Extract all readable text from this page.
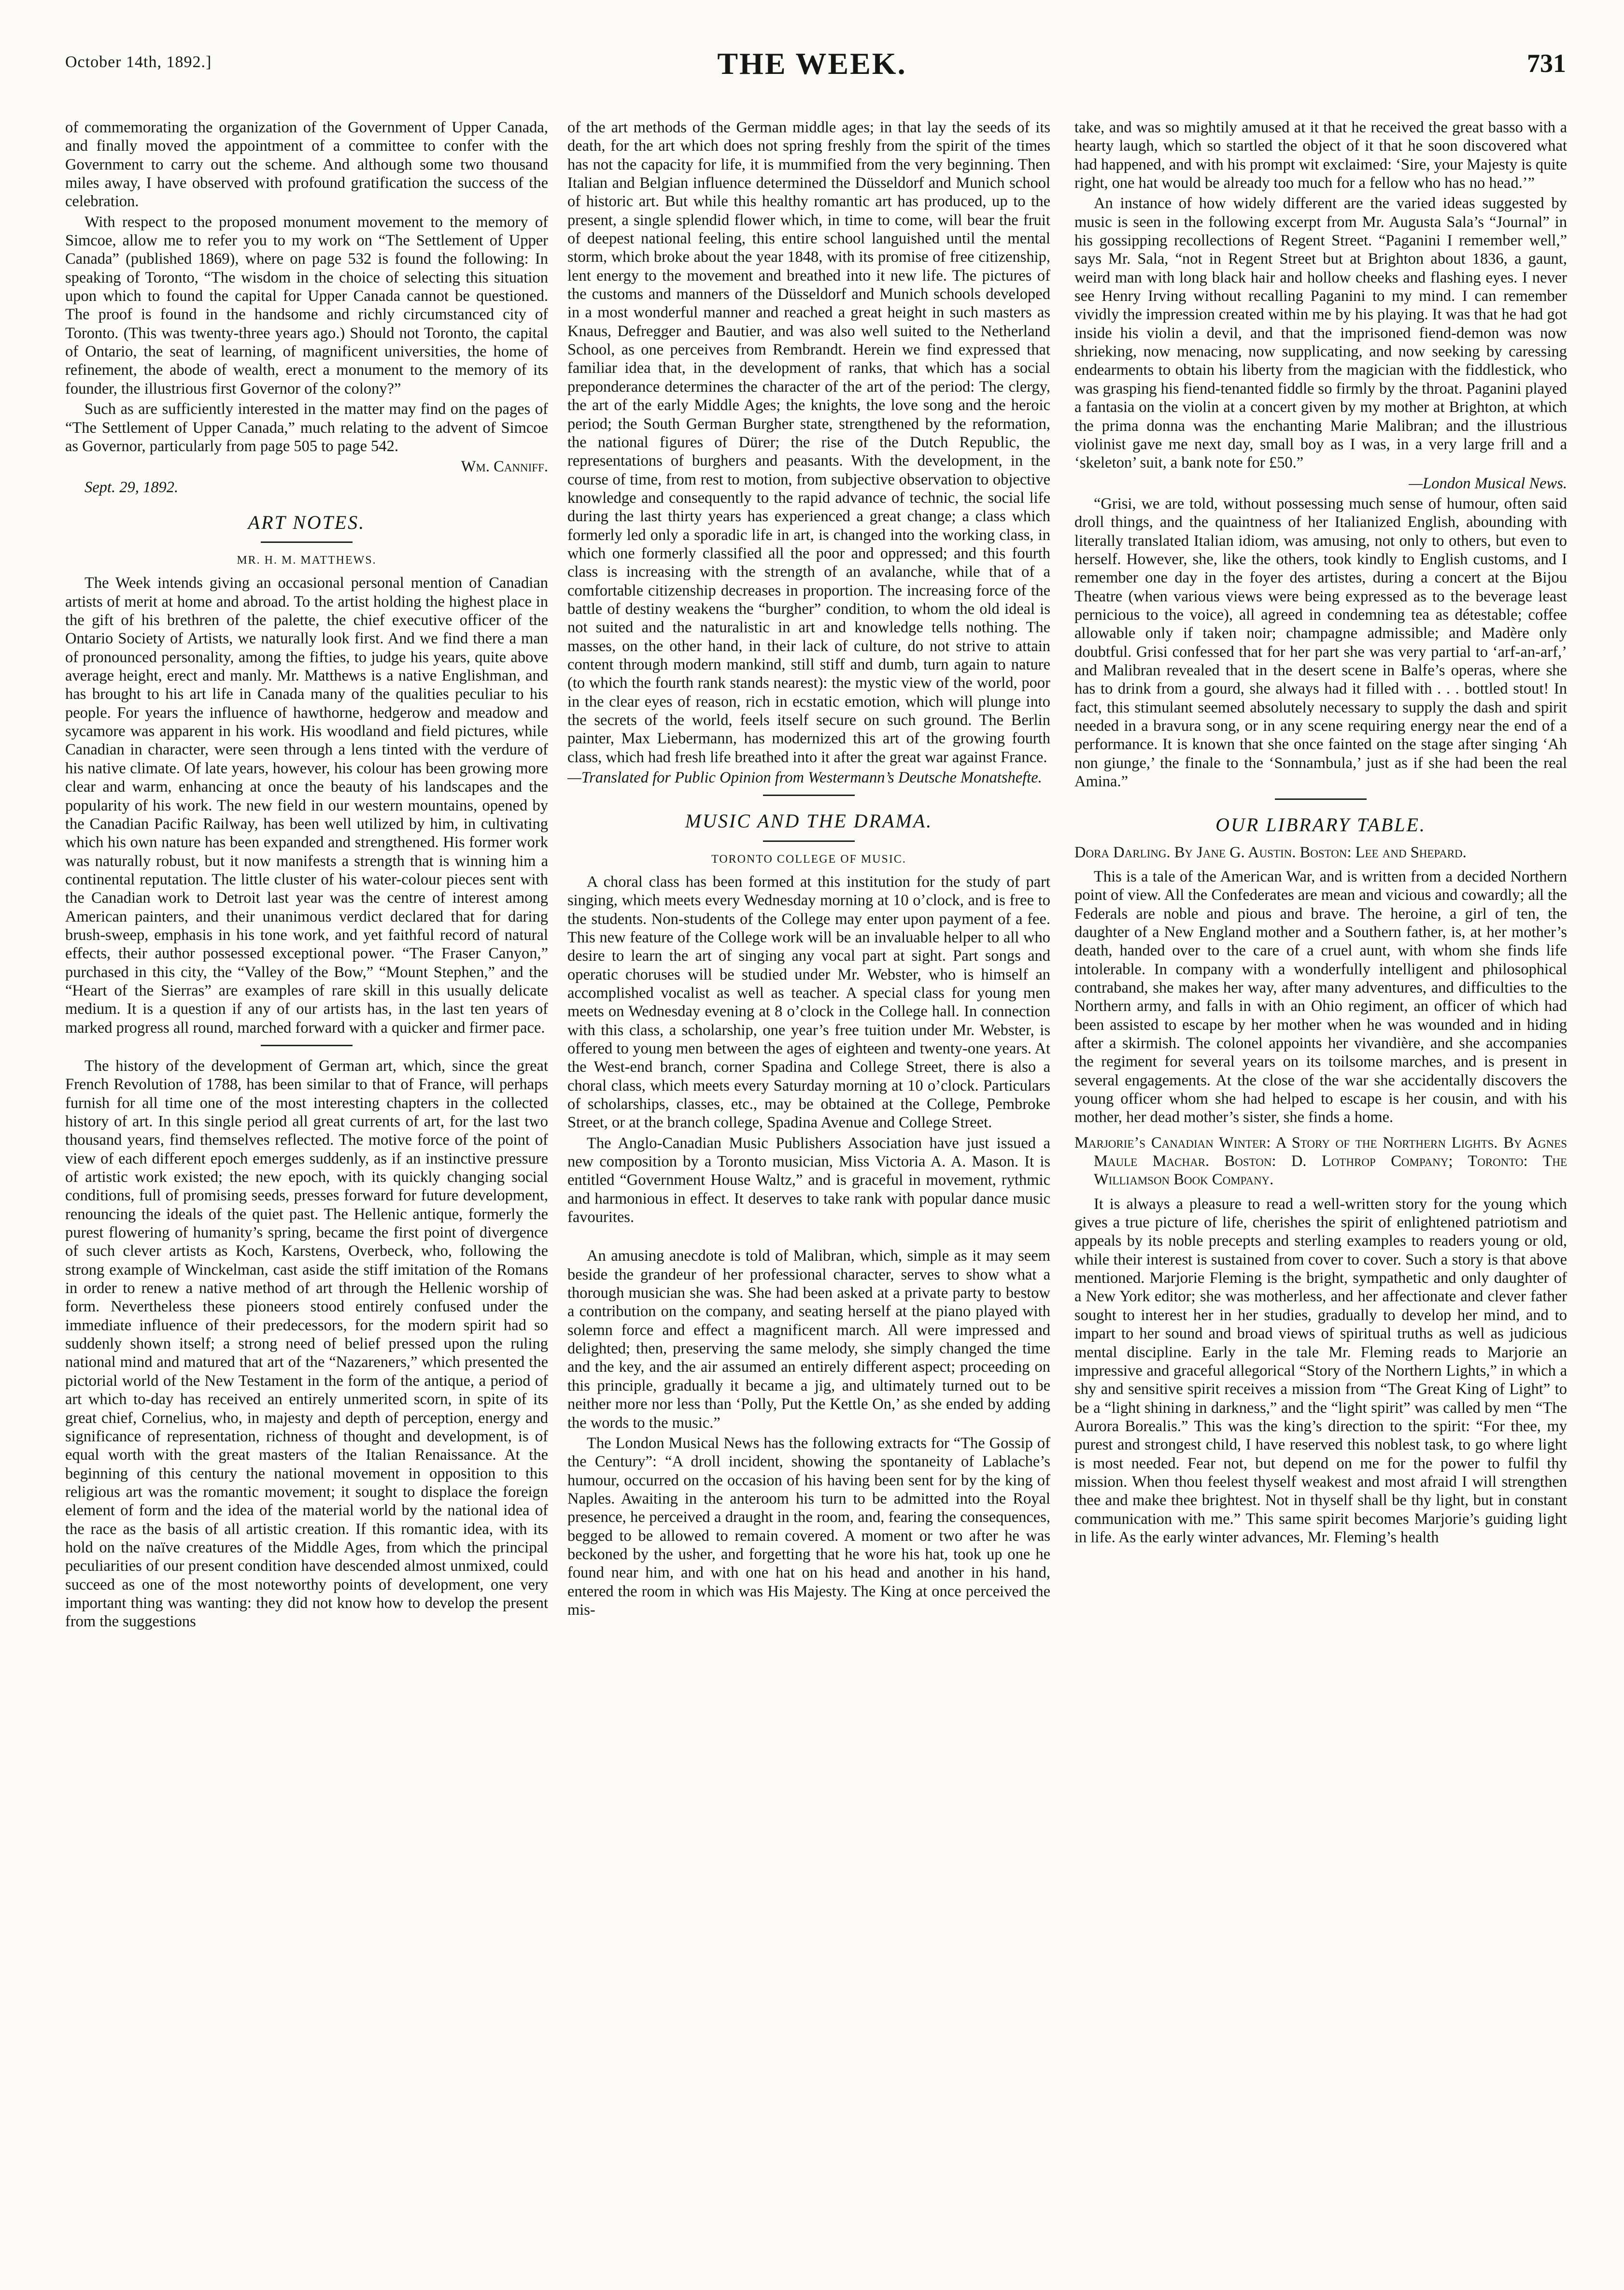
October 14th, 1892.]	THE WEEK.	731

of commemorating the organization of the Government of Upper Canada, and finally moved the appointment of a committee to confer with the Government to carry out the scheme. And although some two thousand miles away, I have observed with profound gratification the success of the celebration.

With respect to the proposed monument movement to the memory of Simcoe, allow me to refer you to my work on “The Settlement of Upper Canada” (published 1869), where on page 532 is found the following: In speaking of Toronto, “The wisdom in the choice of selecting this situation upon which to found the capital for Upper Canada cannot be questioned. The proof is found in the handsome and richly circumstanced city of Toronto. (This was twenty-three years ago.) Should not Toronto, the capital of Ontario, the seat of learning, of magnificent universities, the home of refinement, the abode of wealth, erect a monument to the memory of its founder, the illustrious first Governor of the colony?”

Such as are sufficiently interested in the matter may find on the pages of “The Settlement of Upper Canada,” much relating to the advent of Simcoe as Governor, particularly from page 505 to page 542.

Wm. Canniff.

Sept. 29, 1892.

ART NOTES.
MR. H. M. MATTHEWS.

The Week intends giving an occasional personal mention of Canadian artists of merit at home and abroad. To the artist holding the highest place in the gift of his brethren of the palette, the chief executive officer of the Ontario Society of Artists, we naturally look first. And we find there a man of pronounced personality, among the fifties, to judge his years, quite above average height, erect and manly. Mr. Matthews is a native Englishman, and has brought to his art life in Canada many of the qualities peculiar to his people. For years the influence of hawthorne, hedgerow and meadow and sycamore was apparent in his work. His woodland and field pictures, while Canadian in character, were seen through a lens tinted with the verdure of his native climate. Of late years, however, his colour has been growing more clear and warm, enhancing at once the beauty of his landscapes and the popularity of his work. The new field in our western mountains, opened by the Canadian Pacific Railway, has been well utilized by him, in cultivating which his own nature has been expanded and strengthened. His former work was naturally robust, but it now manifests a strength that is winning him a continental reputation. The little cluster of his water-colour pieces sent with the Canadian work to Detroit last year was the centre of interest among American painters, and their unanimous verdict declared that for daring brush-sweep, emphasis in his tone work, and yet faithful record of natural effects, their author possessed exceptional power. “The Fraser Canyon,” purchased in this city, the “Valley of the Bow,” “Mount Stephen,” and the “Heart of the Sierras” are examples of rare skill in this usually delicate medium. It is a question if any of our artists has, in the last ten years of marked progress all round, marched forward with a quicker and firmer pace.

The history of the development of German art, which, since the great French Revolution of 1788, has been similar to that of France, will perhaps furnish for all time one of the most interesting chapters in the collected history of art. In this single period all great currents of art, for the last two thousand years, find themselves reflected. The motive force of the point of view of each different epoch emerges suddenly, as if an instinctive pressure of artistic work existed; the new epoch, with its quickly changing social conditions, full of promising seeds, presses forward for future development, renouncing the ideals of the quiet past. The Hellenic antique, formerly the purest flowering of humanity’s spring, became the first point of divergence of such clever artists as Koch, Karstens, Overbeck, who, following the strong example of Winckelman, cast aside the stiff imitation of the Romans in order to renew a native method of art through the Hellenic worship of form. Nevertheless these pioneers stood entirely confused under the immediate influence of their predecessors, for the modern spirit had so suddenly shown itself; a strong need of belief pressed upon the ruling national mind and matured that art of the “Nazareners,” which presented the pictorial world of the New Testament in the form of the antique, a period of art which to-day has received an entirely unmerited scorn, in spite of its great chief, Cornelius, who, in majesty and depth of perception, energy and significance of representation, richness of thought and development, is of equal worth with the great masters of the Italian Renaissance. At the beginning of this century the national movement in opposition to this religious art was the romantic movement; it sought to displace the foreign element of form and the idea of the material world by the national idea of the race as the basis of all artistic creation. If this romantic idea, with its hold on the naïve creatures of the Middle Ages, from which the principal peculiarities of our present condition have descended almost unmixed, could succeed as one of the most noteworthy points of development, one very important thing was wanting: they did not know how to develop the present from the suggestions

of the art methods of the German middle ages; in that lay the seeds of its death, for the art which does not spring freshly from the spirit of the times has not the capacity for life, it is mummified from the very beginning. Then Italian and Belgian influence determined the Düsseldorf and Munich school of historic art. But while this healthy romantic art has produced, up to the present, a single splendid flower which, in time to come, will bear the fruit of deepest national feeling, this entire school languished until the mental storm, which broke about the year 1848, with its promise of free citizenship, lent energy to the movement and breathed into it new life. The pictures of the customs and manners of the Düsseldorf and Munich schools developed in a most wonderful manner and reached a great height in such masters as Knaus, Defregger and Bautier, and was also well suited to the Netherland School, as one perceives from Rembrandt. Herein we find expressed that familiar idea that, in the development of ranks, that which has a social preponderance determines the character of the art of the period: The clergy, the art of the early Middle Ages; the knights, the love song and the heroic period; the South German Burgher state, strengthened by the reformation, the national figures of Dürer; the rise of the Dutch Republic, the representations of burghers and peasants. With the development, in the course of time, from rest to motion, from subjective observation to objective knowledge and consequently to the rapid advance of technic, the social life during the last thirty years has experienced a great change; a class which formerly led only a sporadic life in art, is changed into the working class, in which one formerly classified all the poor and oppressed; and this fourth class is increasing with the strength of an avalanche, while that of a comfortable citizenship decreases in proportion. The increasing force of the battle of destiny weakens the “burgher” condition, to whom the old ideal is not suited and the naturalistic in art and knowledge tells nothing. The masses, on the other hand, in their lack of culture, do not strive to attain content through modern mankind, still stiff and dumb, turn again to nature (to which the fourth rank stands nearest): the mystic view of the world, poor in the clear eyes of reason, rich in ecstatic emotion, which will plunge into the secrets of the world, feels itself secure on such ground. The Berlin painter, Max Liebermann, has modernized this art of the growing fourth class, which had fresh life breathed into it after the great war against France.

—Translated for Public Opinion from Westermann’s Deutsche Monatshefte.

MUSIC AND THE DRAMA.
TORONTO COLLEGE OF MUSIC.

A choral class has been formed at this institution for the study of part singing, which meets every Wednesday morning at 10 o’clock, and is free to the students. Non-students of the College may enter upon payment of a fee. This new feature of the College work will be an invaluable helper to all who desire to learn the art of singing any vocal part at sight. Part songs and operatic choruses will be studied under Mr. Webster, who is himself an accomplished vocalist as well as teacher. A special class for young men meets on Wednesday evening at 8 o’clock in the College hall. In connection with this class, a scholarship, one year’s free tuition under Mr. Webster, is offered to young men between the ages of eighteen and twenty-one years. At the West-end branch, corner Spadina and College Street, there is also a choral class, which meets every Saturday morning at 10 o’clock. Particulars of scholarships, classes, etc., may be obtained at the College, Pembroke Street, or at the branch college, Spadina Avenue and College Street.

The Anglo-Canadian Music Publishers Association have just issued a new composition by a Toronto musician, Miss Victoria A. A. Mason. It is entitled “Government House Waltz,” and is graceful in movement, rythmic and harmonious in effect. It deserves to take rank with popular dance music favourites.

An amusing anecdote is told of Malibran, which, simple as it may seem beside the grandeur of her professional character, serves to show what a thorough musician she was. She had been asked at a private party to bestow a contribution on the company, and seating herself at the piano played with solemn force and effect a magnificent march. All were impressed and delighted; then, preserving the same melody, she simply changed the time and the key, and the air assumed an entirely different aspect; proceeding on this principle, gradually it became a jig, and ultimately turned out to be neither more nor less than ‘Polly, Put the Kettle On,’ as she ended by adding the words to the music.”

The London Musical News has the following extracts for “The Gossip of the Century”: “A droll incident, showing the spontaneity of Lablache’s humour, occurred on the occasion of his having been sent for by the king of Naples. Awaiting in the anteroom his turn to be admitted into the Royal presence, he perceived a draught in the room, and, fearing the consequences, begged to be allowed to remain covered. A moment or two after he was beckoned by the usher, and forgetting that he wore his hat, took up one he found near him, and with one hat on his head and another in his hand, entered the room in which was His Majesty. The King at once perceived the mis-

take, and was so mightily amused at it that he received the great basso with a hearty laugh, which so startled the object of it that he soon discovered what had happened, and with his prompt wit exclaimed: ‘Sire, your Majesty is quite right, one hat would be already too much for a fellow who has no head.’”

An instance of how widely different are the varied ideas suggested by music is seen in the following excerpt from Mr. Augusta Sala’s “Journal” in his gossipping recollections of Regent Street. “Paganini I remember well,” says Mr. Sala, “not in Regent Street but at Brighton about 1836, a gaunt, weird man with long black hair and hollow cheeks and flashing eyes. I never see Henry Irving without recalling Paganini to my mind. I can remember vividly the impression created within me by his playing. It was that he had got inside his violin a devil, and that the imprisoned fiend-demon was now shrieking, now menacing, now supplicating, and now seeking by caressing endearments to obtain his liberty from the magician with the fiddlestick, who was grasping his fiend-tenanted fiddle so firmly by the throat. Paganini played a fantasia on the violin at a concert given by my mother at Brighton, at which the prima donna was the enchanting Marie Malibran; and the illustrious violinist gave me next day, small boy as I was, in a very large frill and a ‘skeleton’ suit, a bank note for £50.”

—London Musical News.

“Grisi, we are told, without possessing much sense of humour, often said droll things, and the quaintness of her Italianized English, abounding with literally translated Italian idiom, was amusing, not only to others, but even to herself. However, she, like the others, took kindly to English customs, and I remember one day in the foyer des artistes, during a concert at the Bijou Theatre (when various views were being expressed as to the beverage least pernicious to the voice), all agreed in condemning tea as détestable; coffee allowable only if taken noir; champagne admissible; and Madère only doubtful. Grisi confessed that for her part she was very partial to ‘arf-an-arf,’ and Malibran revealed that in the desert scene in Balfe’s operas, where she has to drink from a gourd, she always had it filled with . . . bottled stout! In fact, this stimulant seemed absolutely necessary to supply the dash and spirit needed in a bravura song, or in any scene requiring energy near the end of a performance. It is known that she once fainted on the stage after singing ‘Ah non giunge,’ the finale to the ‘Sonnambula,’ just as if she had been the real Amina.”

OUR LIBRARY TABLE.

Dora Darling. By Jane G. Austin. Boston: Lee and Shepard.

This is a tale of the American War, and is written from a decided Northern point of view. All the Confederates are mean and vicious and cowardly; all the Federals are noble and pious and brave. The heroine, a girl of ten, the daughter of a New England mother and a Southern father, is, at her mother’s death, handed over to the care of a cruel aunt, with whom she finds life intolerable. In company with a wonderfully intelligent and philosophical contraband, she makes her way, after many adventures, and difficulties to the Northern army, and falls in with an Ohio regiment, an officer of which had been assisted to escape by her mother when he was wounded and in hiding after a skirmish. The colonel appoints her vivandière, and she accompanies the regiment for several years on its toilsome marches, and is present in several engagements. At the close of the war she accidentally discovers the young officer whom she had helped to escape is her cousin, and with his mother, her dead mother’s sister, she finds a home.

Marjorie’s Canadian Winter: A Story of the Northern Lights. By Agnes Maule Machar. Boston: D. Lothrop Company; Toronto: The Williamson Book Company.

It is always a pleasure to read a well-written story for the young which gives a true picture of life, cherishes the spirit of enlightened patriotism and appeals by its noble precepts and sterling examples to readers young or old, while their interest is sustained from cover to cover. Such a story is that above mentioned. Marjorie Fleming is the bright, sympathetic and only daughter of a New York editor; she was motherless, and her affectionate and clever father sought to interest her in her studies, gradually to develop her mind, and to impart to her sound and broad views of spiritual truths as well as judicious mental discipline. Early in the tale Mr. Fleming reads to Marjorie an impressive and graceful allegorical “Story of the Northern Lights,” in which a shy and sensitive spirit receives a mission from “The Great King of Light” to be a “light shining in darkness,” and the “light spirit” was called by men “The Aurora Borealis.” This was the king’s direction to the spirit: “For thee, my purest and strongest child, I have reserved this noblest task, to go where light is most needed. Fear not, but depend on me for the power to fulfil thy mission. When thou feelest thyself weakest and most afraid I will strengthen thee and make thee brightest. Not in thyself shall be thy light, but in constant communication with me.” This same spirit becomes Marjorie’s guiding light in life. As the early winter advances, Mr. Fleming’s health
